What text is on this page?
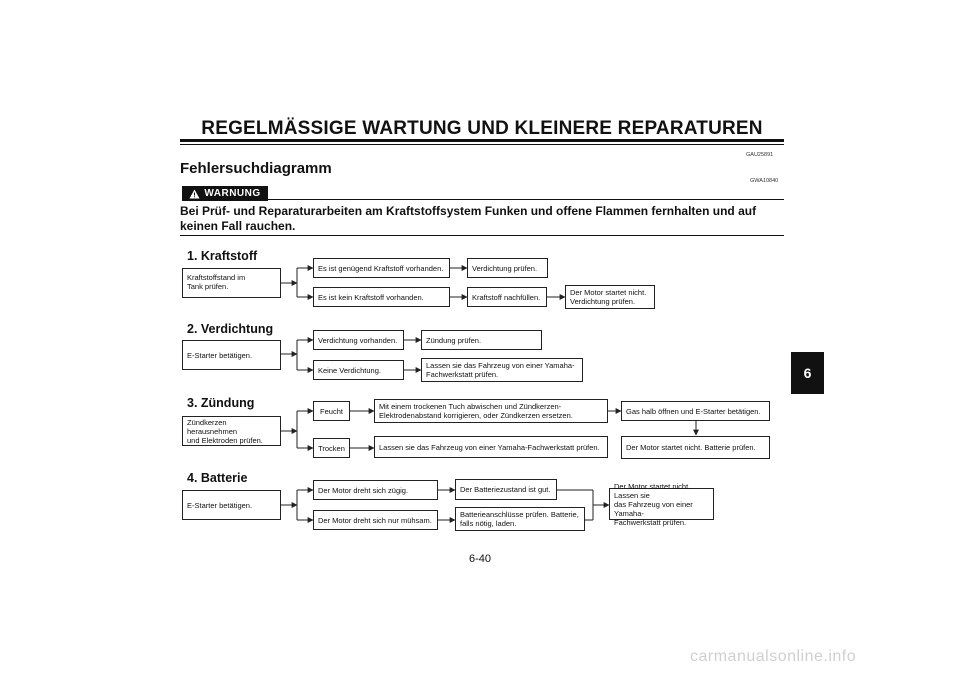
REGELMÄSSIGE WARTUNG UND KLEINERE REPARATUREN
GAU25891
Fehlersuchdiagramm
GWA10840
WARNUNG
Bei Prüf- und Reparaturarbeiten am Kraftstoffsystem Funken und offene Flammen fernhalten und auf keinen Fall rauchen.
1. Kraftstoff
Kraftstoffstand im
Tank prüfen.
Es ist genügend Kraftstoff vorhanden.	Verdichtung prüfen.
Es ist kein Kraftstoff vorhanden.	Kraftstoff nachfüllen.	Der Motor startet nicht.
Verdichtung prüfen.
2. Verdichtung
E-Starter betätigen.
Verdichtung vorhanden.	Zündung prüfen.
Keine Verdichtung.	Lassen sie das Fahrzeug von einer Yamaha-
Fachwerkstatt prüfen.
3. Zündung
Zündkerzen herausnehmen
und Elektroden prüfen.
Feucht	Mit einem trockenen Tuch abwischen und Zündkerzen-
Elektrodenabstand korrigieren, oder Zündkerzen ersetzen.	Gas halb öffnen und E-Starter betätigen.
Der Motor startet nicht. Batterie prüfen.
Trocken	Lassen sie das Fahrzeug von einer Yamaha-Fachwerkstatt prüfen.
4. Batterie
E-Starter betätigen.
Der Motor dreht sich zügig.	Der Batteriezustand ist gut.
Der Motor dreht sich nur mühsam.
Batterieanschlüsse prüfen. Batterie,
falls nötig, laden.
Der Motor startet nicht. Lassen sie
das Fahrzeug von einer Yamaha-
Fachwerkstatt prüfen.
6
6-40
carmanualsonline.info
